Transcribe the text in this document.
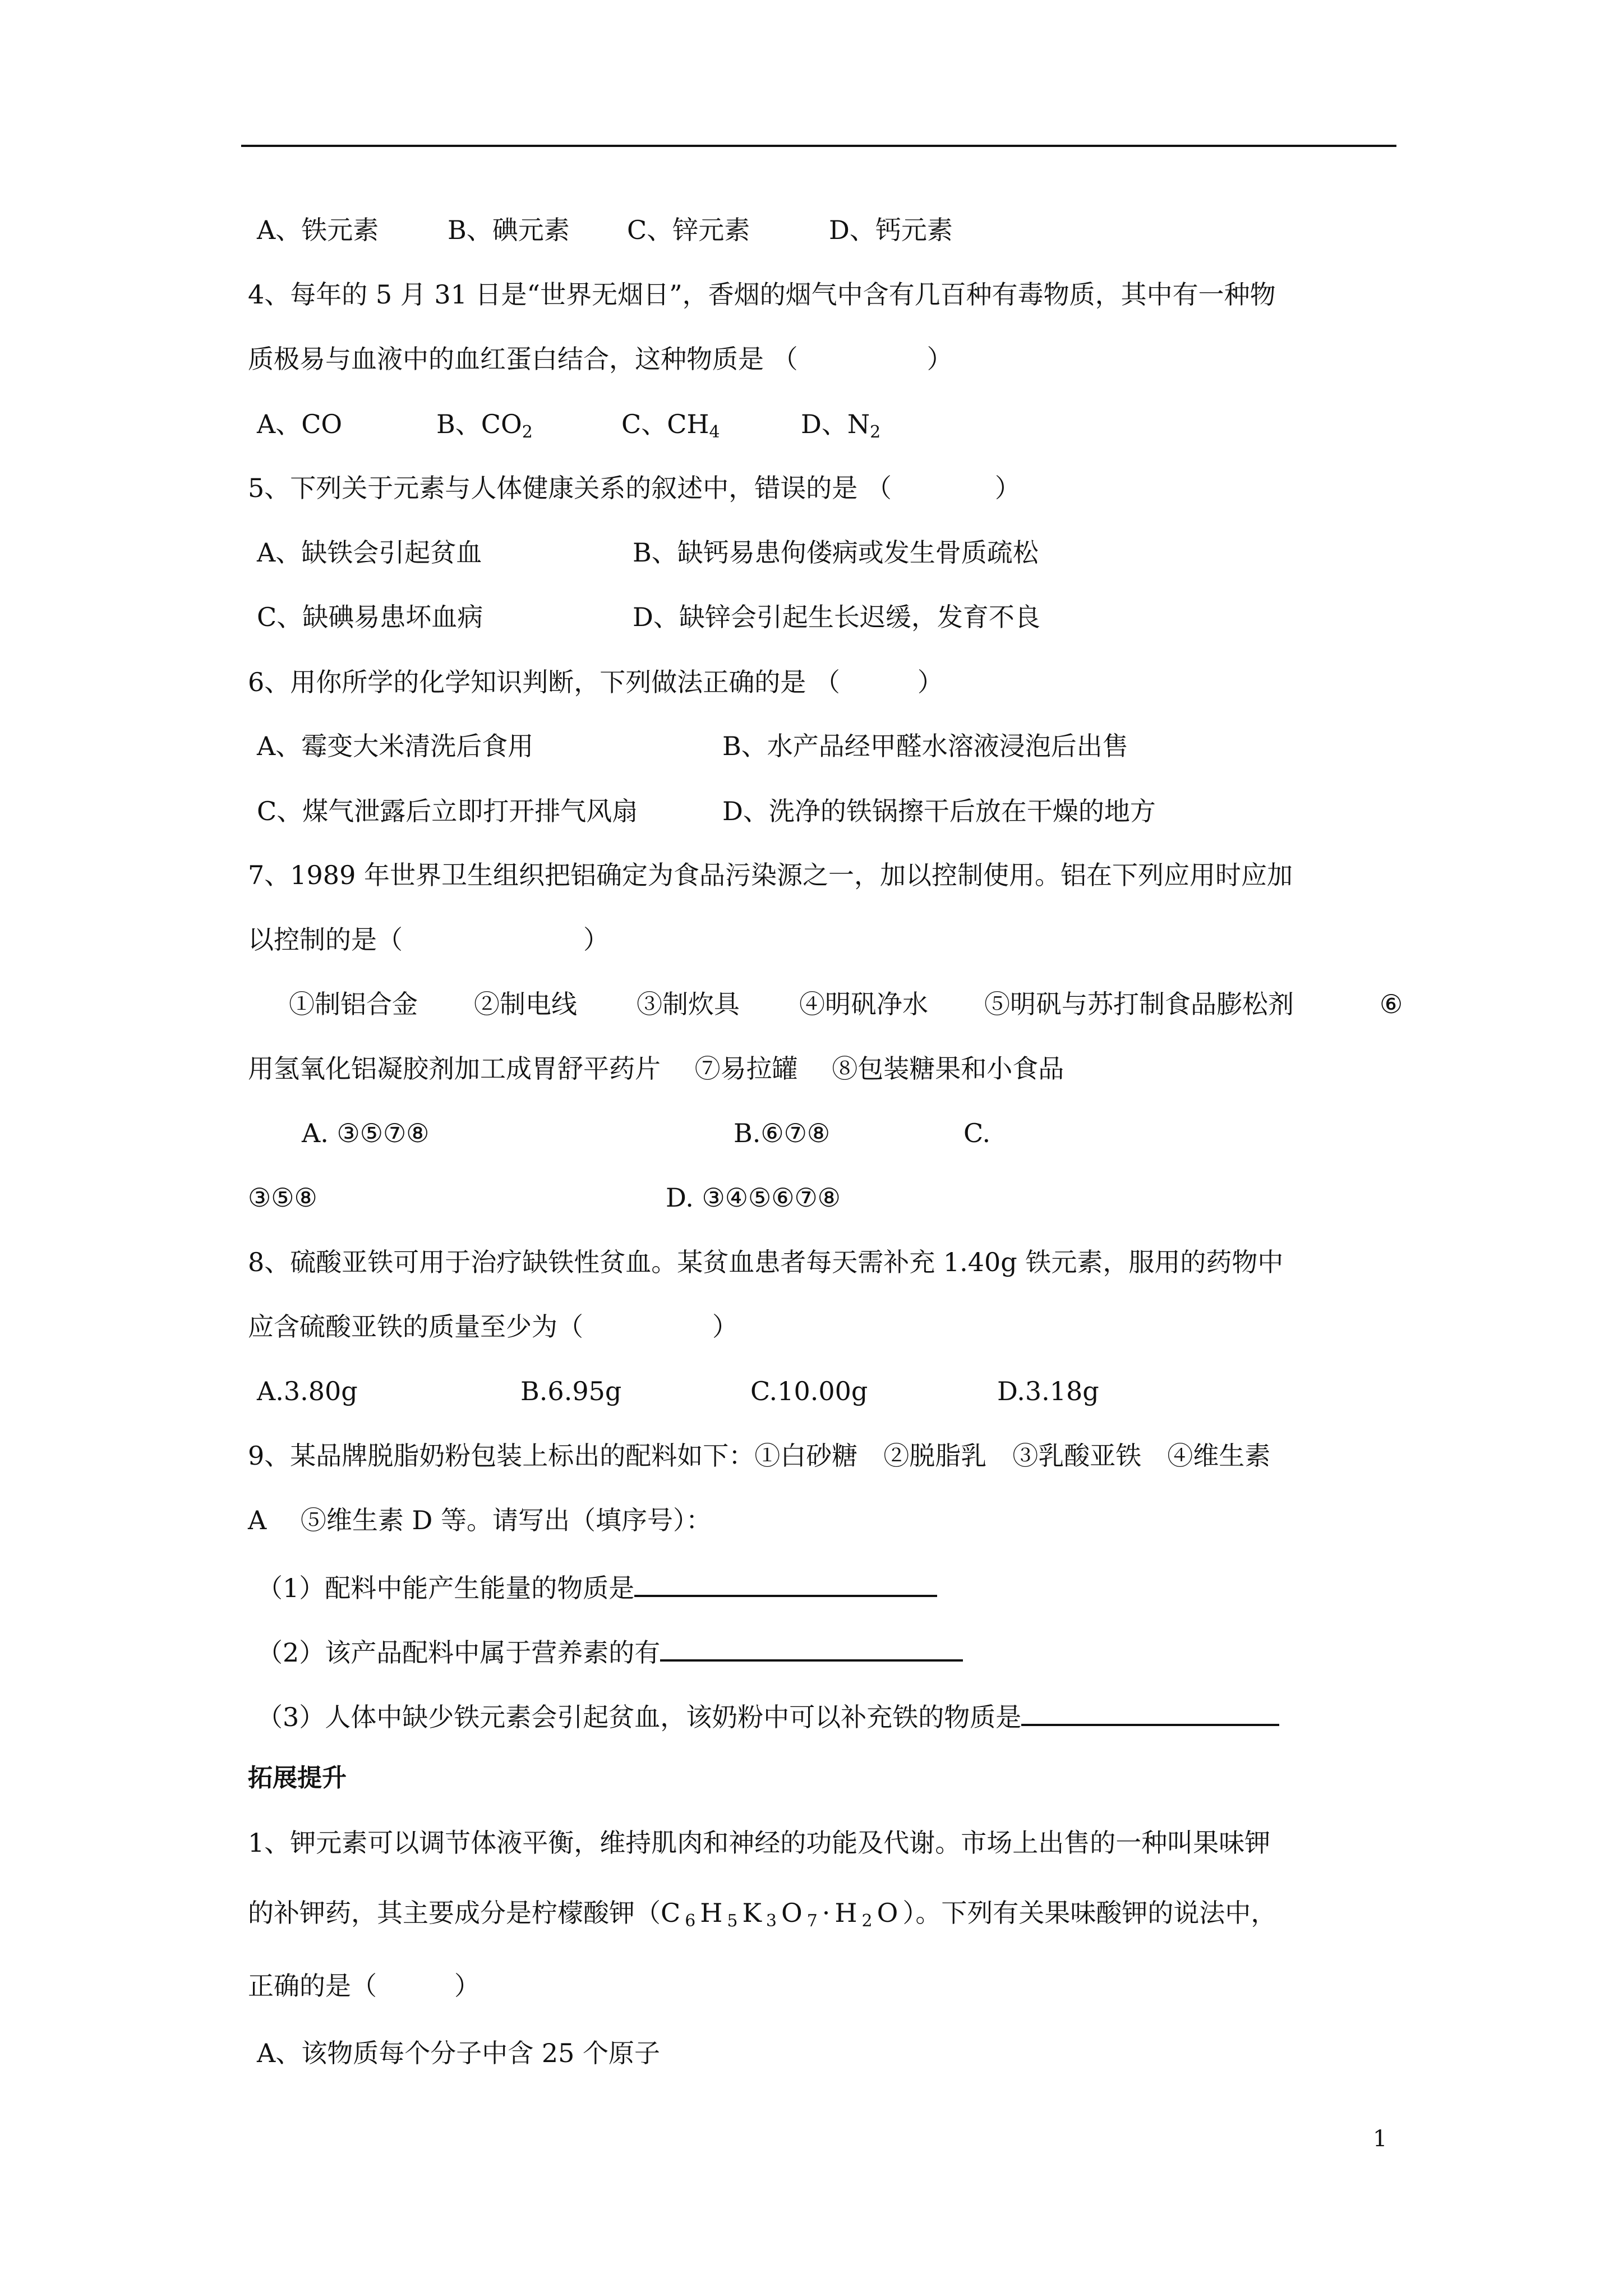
A、铁元素	B、碘元素 C、锌元素	D、钙元素
4、每年的 5 月 31 日是“世界无烟日”，香烟的烟气中含有几百种有毒物质，其中有一种物
质极易与血液中的血红蛋白结合，这种物质是 （　　　　　）
A、CO	B、$CO_2$	C、$CH_4$	D、$N_2$
5、下列关于元素与人体健康关系的叙述中，错误的是 （　　　　）
A、缺铁会引起贫血	B、缺钙易患佝偻病或发生骨质疏松
C、缺碘易患坏血病	D、缺锌会引起生长迟缓，发育不良
6、用你所学的化学知识判断，下列做法正确的是 （　　　）
A、霉变大米清洗后食用	B、水产品经甲醛水溶液浸泡后出售
C、煤气泄露后立即打开排气风扇	D、洗净的铁锅擦干后放在干燥的地方
7、1989 年世界卫生组织把铝确定为食品污染源之一，加以控制使用。铝在下列应用时应加
以控制的是（　　　　　　　）
①制铝合金 ②制电线 ③制炊具 ④明矾净水 ⑤明矾与苏打制食品膨松剂	⑥
用氢氧化铝凝胶剂加工成胃舒平药片　 ⑦易拉罐　 ⑧包装糖果和小食品
A. ③⑤⑦⑧	B.⑥⑦⑧	C.
③⑤⑧	D. ③④⑤⑥⑦⑧
8、硫酸亚铁可用于治疗缺铁性贫血。某贫血患者每天需补充 1.40g 铁元素，服用的药物中
应含硫酸亚铁的质量至少为（　　　　　）
A.3.80g	B.6.95g	C.10.00g	D.3.18g
9、某品牌脱脂奶粉包装上标出的配料如下：①白砂糖　②脱脂乳　③乳酸亚铁　④维生素
A　 ⑤维生素 D 等。请写出（填序号）：
（1）配料中能产生能量的物质是
（2）该产品配料中属于营养素的有
（3）人体中缺少铁元素会引起贫血，该奶粉中可以补充铁的物质是
拓展提升
1、钾元素可以调节体液平衡，维持肌肉和神经的功能及代谢。市场上出售的一种叫果味钾
的补钾药，其主要成分是柠檬酸钾$(C_6H_5K_3O_7\cdot H_2O)$。下列有关果味酸钾的说法中，
正确的是（　　　）
A、该物质每个分子中含 25 个原子
1
